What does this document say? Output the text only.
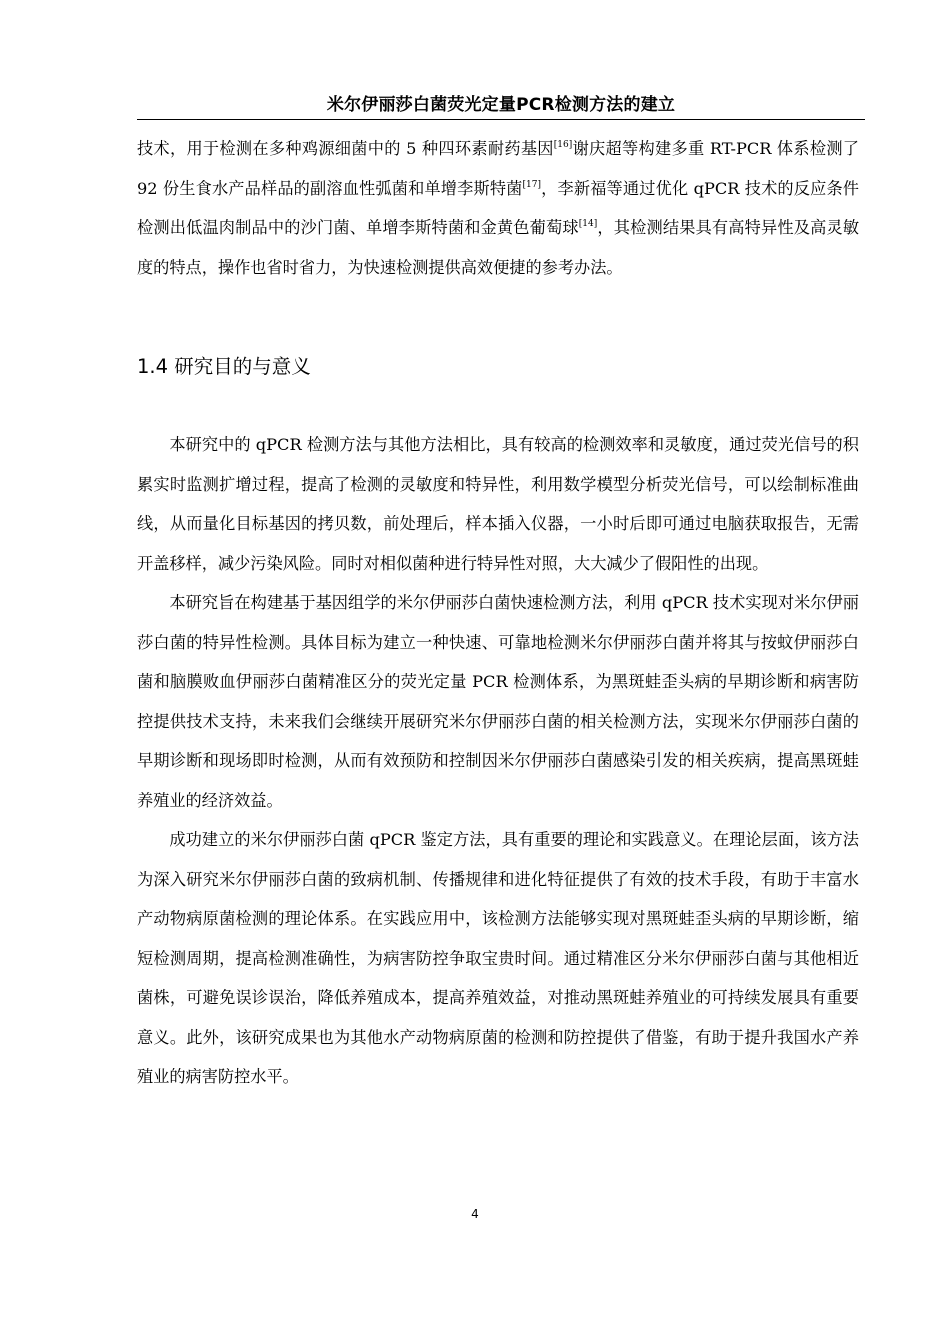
米尔伊丽莎白菌荧光定量PCR检测方法的建立
技术，用于检测在多种鸡源细菌中的 5 种四环素耐药基因[16]谢庆超等构建多重 RT-PCR 体系检测了 92 份生食水产品样品的副溶血性弧菌和单增李斯特菌[17]，李新福等通过优化 qPCR 技术的反应条件检测出低温肉制品中的沙门菌、单增李斯特菌和金黄色葡萄球[14]，其检测结果具有高特异性及高灵敏度的特点，操作也省时省力，为快速检测提供高效便捷的参考办法。
1.4 研究目的与意义

本研究中的 qPCR 检测方法与其他方法相比，具有较高的检测效率和灵敏度，通过荧光信号的积累实时监测扩增过程，提高了检测的灵敏度和特异性，利用数学模型分析荧光信号，可以绘制标准曲线，从而量化目标基因的拷贝数，前处理后，样本插入仪器，一小时后即可通过电脑获取报告，无需开盖移样，减少污染风险。同时对相似菌种进行特异性对照，大大减少了假阳性的出现。

本研究旨在构建基于基因组学的米尔伊丽莎白菌快速检测方法，利用 qPCR 技术实现对米尔伊丽莎白菌的特异性检测。具体目标为建立一种快速、可靠地检测米尔伊丽莎白菌并将其与按蚊伊丽莎白菌和脑膜败血伊丽莎白菌精准区分的荧光定量 PCR 检测体系，为黑斑蛙歪头病的早期诊断和病害防控提供技术支持，未来我们会继续开展研究米尔伊丽莎白菌的相关检测方法，实现米尔伊丽莎白菌的早期诊断和现场即时检测，从而有效预防和控制因米尔伊丽莎白菌感染引发的相关疾病，提高黑斑蛙养殖业的经济效益。

成功建立的米尔伊丽莎白菌 qPCR 鉴定方法，具有重要的理论和实践意义。在理论层面，该方法为深入研究米尔伊丽莎白菌的致病机制、传播规律和进化特征提供了有效的技术手段，有助于丰富水产动物病原菌检测的理论体系。在实践应用中，该检测方法能够实现对黑斑蛙歪头病的早期诊断，缩短检测周期，提高检测准确性，为病害防控争取宝贵时间。通过精准区分米尔伊丽莎白菌与其他相近菌株，可避免误诊误治，降低养殖成本，提高养殖效益，对推动黑斑蛙养殖业的可持续发展具有重要意义。此外，该研究成果也为其他水产动物病原菌的检测和防控提供了借鉴，有助于提升我国水产养殖业的病害防控水平。

4
